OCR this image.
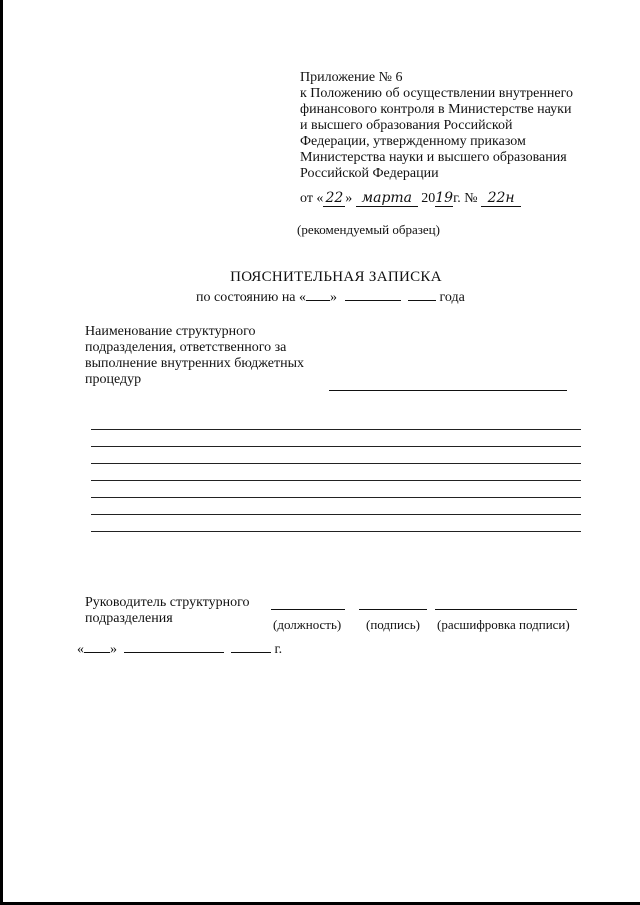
Приложение № 6
к Положению об осуществлении внутреннего
финансового контроля в Министерстве науки
и высшего образования Российской
Федерации, утвержденному приказом
Министерства науки и высшего образования
Российской Федерации
от « 22 » марта 2019г. № 22н
(рекомендуемый образец)
ПОЯСНИТЕЛЬНАЯ ЗАПИСКА
по состоянию на « »	года
Наименование структурного
подразделения, ответственного за
выполнение внутренних бюджетных
процедур
Руководитель структурного
подразделения	(должность) (подпись) (расшифровка подписи)
« »	г.
